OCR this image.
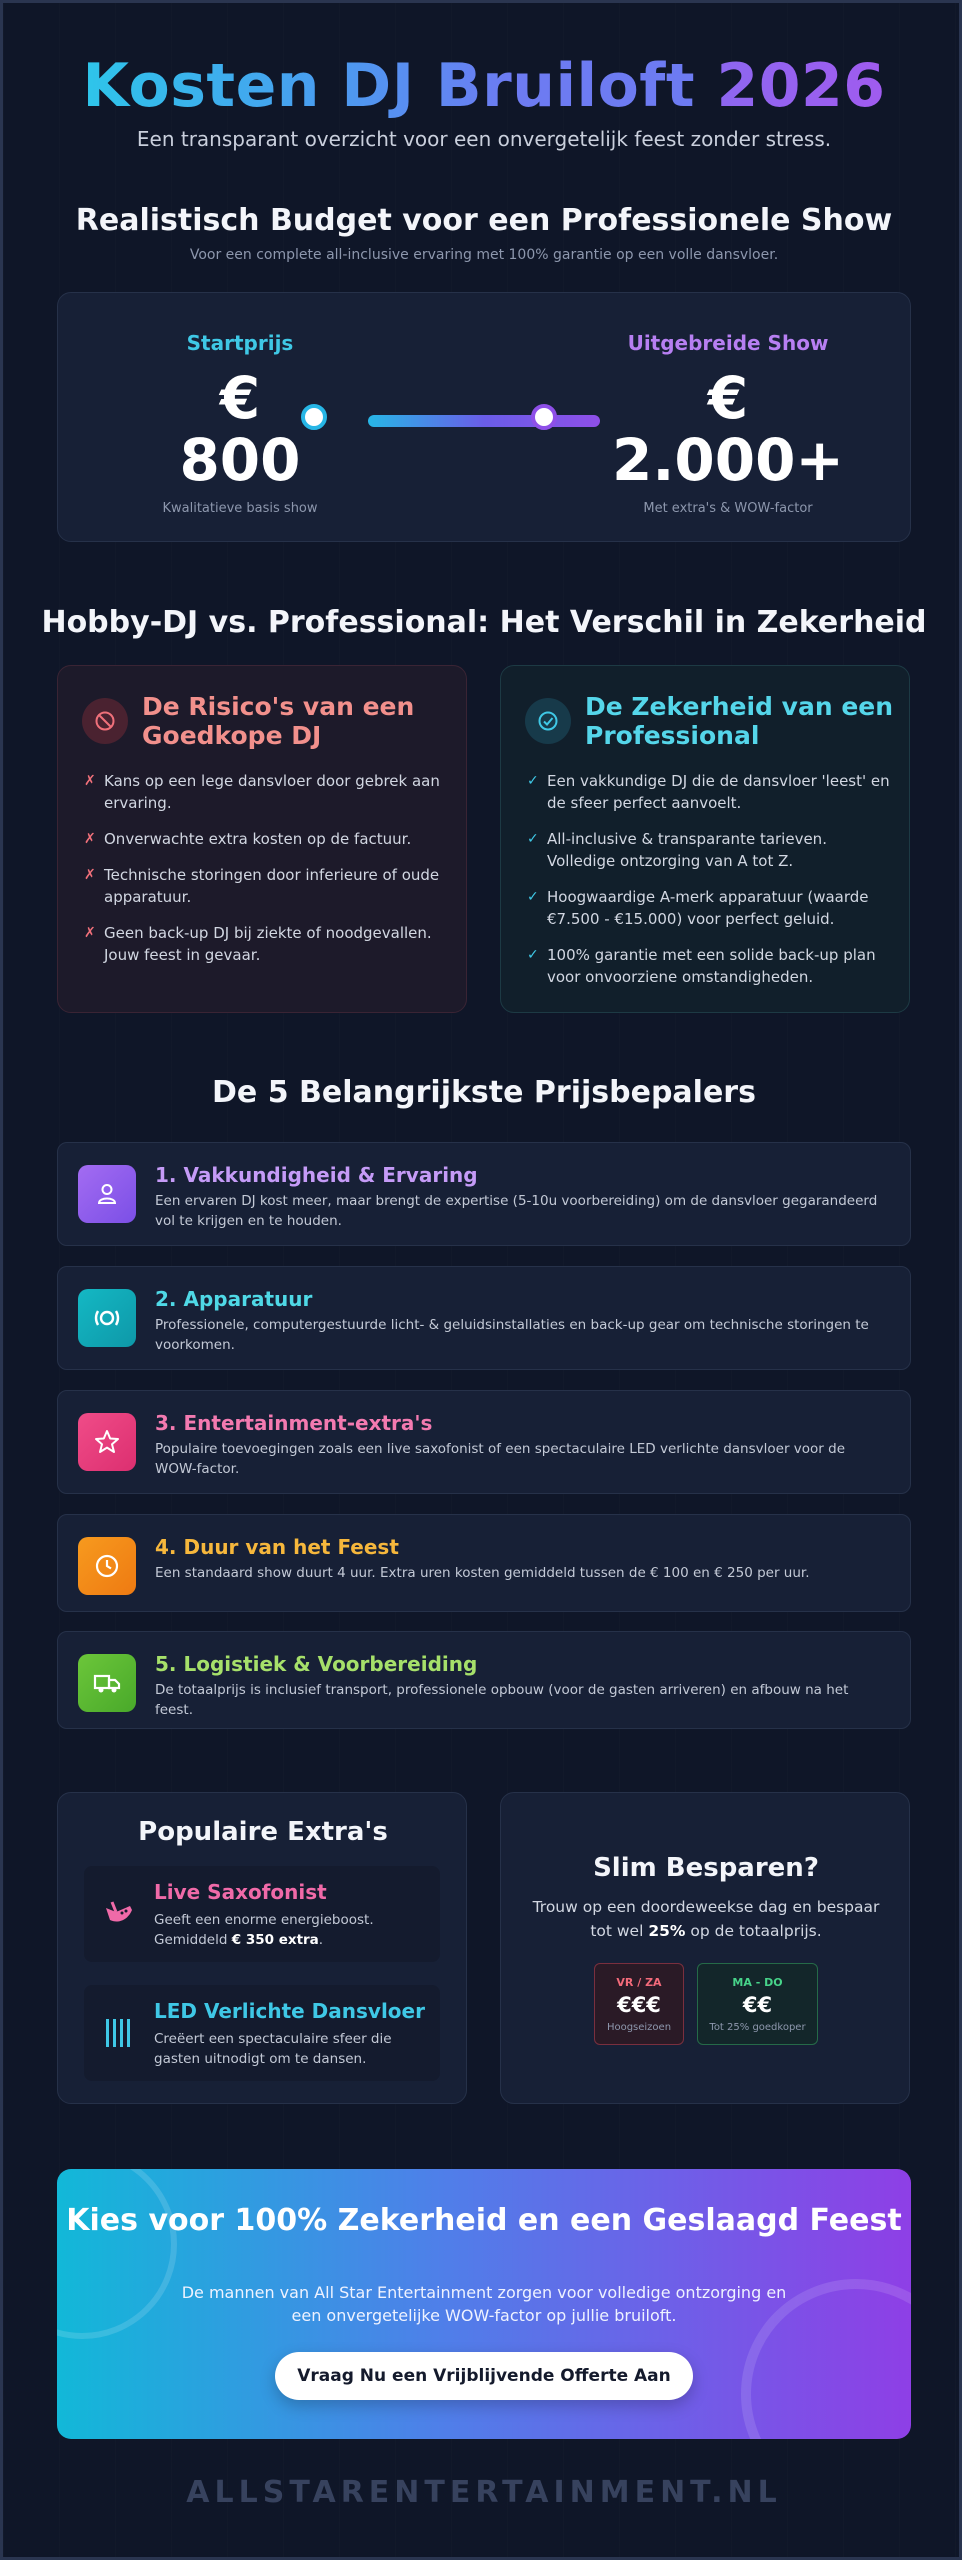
Kosten DJ Bruiloft 2026
Een transparant overzicht voor een onvergetelijk feest zonder stress.
Realistisch Budget voor een Professionele Show
Voor een complete all-inclusive ervaring met 100% garantie op een volle dansvloer.
Startprijs
€
800
Kwalitatieve basis show
Uitgebreide Show
€
2.000+
Met extra's & WOW-factor
Hobby-DJ vs. Professional: Het Verschil in Zekerheid
De Risico's van een Goedkope DJ
✗ Kans op een lege dansvloer door gebrek aan ervaring.
✗ Onverwachte extra kosten op de factuur.
✗ Technische storingen door inferieure of oude apparatuur.
✗ Geen back-up DJ bij ziekte of noodgevallen. Jouw feest in gevaar.
De Zekerheid van een Professional
✓ Een vakkundige DJ die de dansvloer 'leest' en de sfeer perfect aanvoelt.
✓ All-inclusive & transparante tarieven. Volledige ontzorging van A tot Z.
✓ Hoogwaardige A-merk apparatuur (waarde €7.500 - €15.000) voor perfect geluid.
✓ 100% garantie met een solide back-up plan voor onvoorziene omstandigheden.
De 5 Belangrijkste Prijsbepalers
1. Vakkundigheid & Ervaring
Een ervaren DJ kost meer, maar brengt de expertise (5-10u voorbereiding) om de dansvloer gegarandeerd vol te krijgen en te houden.
2. Apparatuur
Professionele, computergestuurde licht- & geluidsinstallaties en back-up gear om technische storingen te voorkomen.
3. Entertainment-extra's
Populaire toevoegingen zoals een live saxofonist of een spectaculaire LED verlichte dansvloer voor de WOW-factor.
4. Duur van het Feest
Een standaard show duurt 4 uur. Extra uren kosten gemiddeld tussen de € 100 en € 250 per uur.
5. Logistiek & Voorbereiding
De totaalprijs is inclusief transport, professionele opbouw (voor de gasten arriveren) en afbouw na het feest.
Populaire Extra's
Live Saxofonist
Geeft een enorme energieboost.
Gemiddeld € 350 extra.
LED Verlichte Dansvloer
Creëert een spectaculaire sfeer die gasten uitnodigt om te dansen.
Slim Besparen?
Trouw op een doordeweekse dag en bespaar tot wel 25% op de totaalprijs.
VR / ZA
€€€
Hoogseizoen
MA - DO
€€
Tot 25% goedkoper
Kies voor 100% Zekerheid en een Geslaagd Feest
De mannen van All Star Entertainment zorgen voor volledige ontzorging en een onvergetelijke WOW-factor op jullie bruiloft.
Vraag Nu een Vrijblijvende Offerte Aan
ALLSTARENTERTAINMENT.NL
